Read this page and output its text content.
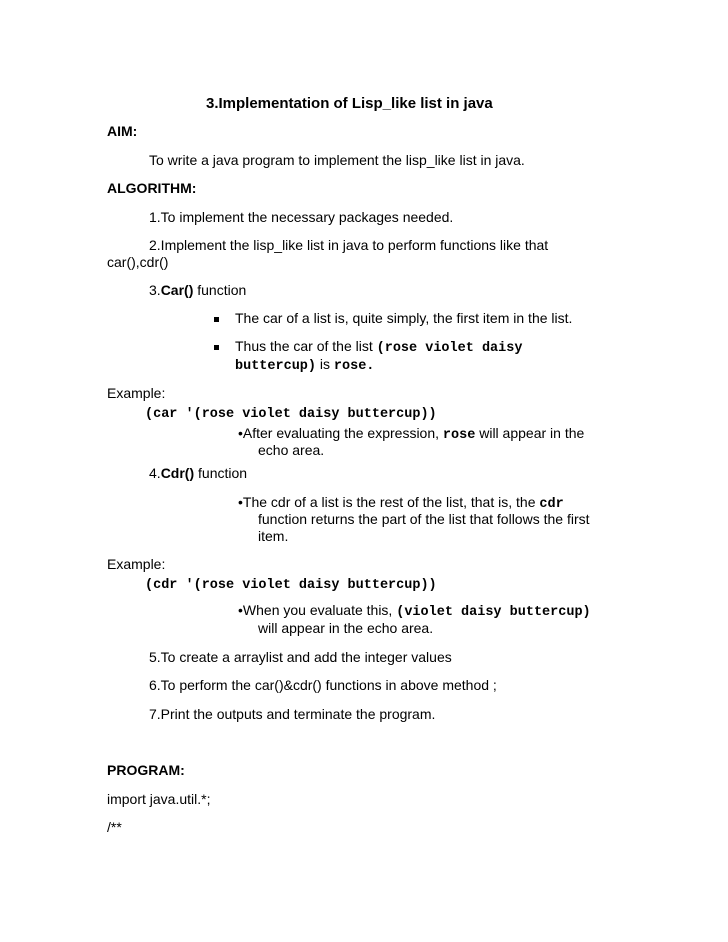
3.Implementation of Lisp_like list in java
AIM:
To write a java program to implement the lisp_like list in java.
ALGORITHM:
1.To implement the necessary packages needed.
2.Implement the lisp_like list in java to perform functions like that
car(),cdr()
3.Car() function
The car of a list is, quite simply, the first item in the list.
Thus the car of the list (rose violet daisy
buttercup) is rose.
Example:
(car '(rose violet daisy buttercup))
•After evaluating the expression, rose will appear in the
echo area.
4.Cdr() function
•The cdr of a list is the rest of the list, that is, the cdr
function returns the part of the list that follows the first
item.
Example:
(cdr '(rose violet daisy buttercup))
•When you evaluate this, (violet daisy buttercup)
will appear in the echo area.
5.To create a arraylist and add the integer values
6.To perform the car()&cdr() functions in above method ;
7.Print the outputs and terminate the program.
PROGRAM:
import java.util.*;
/**
